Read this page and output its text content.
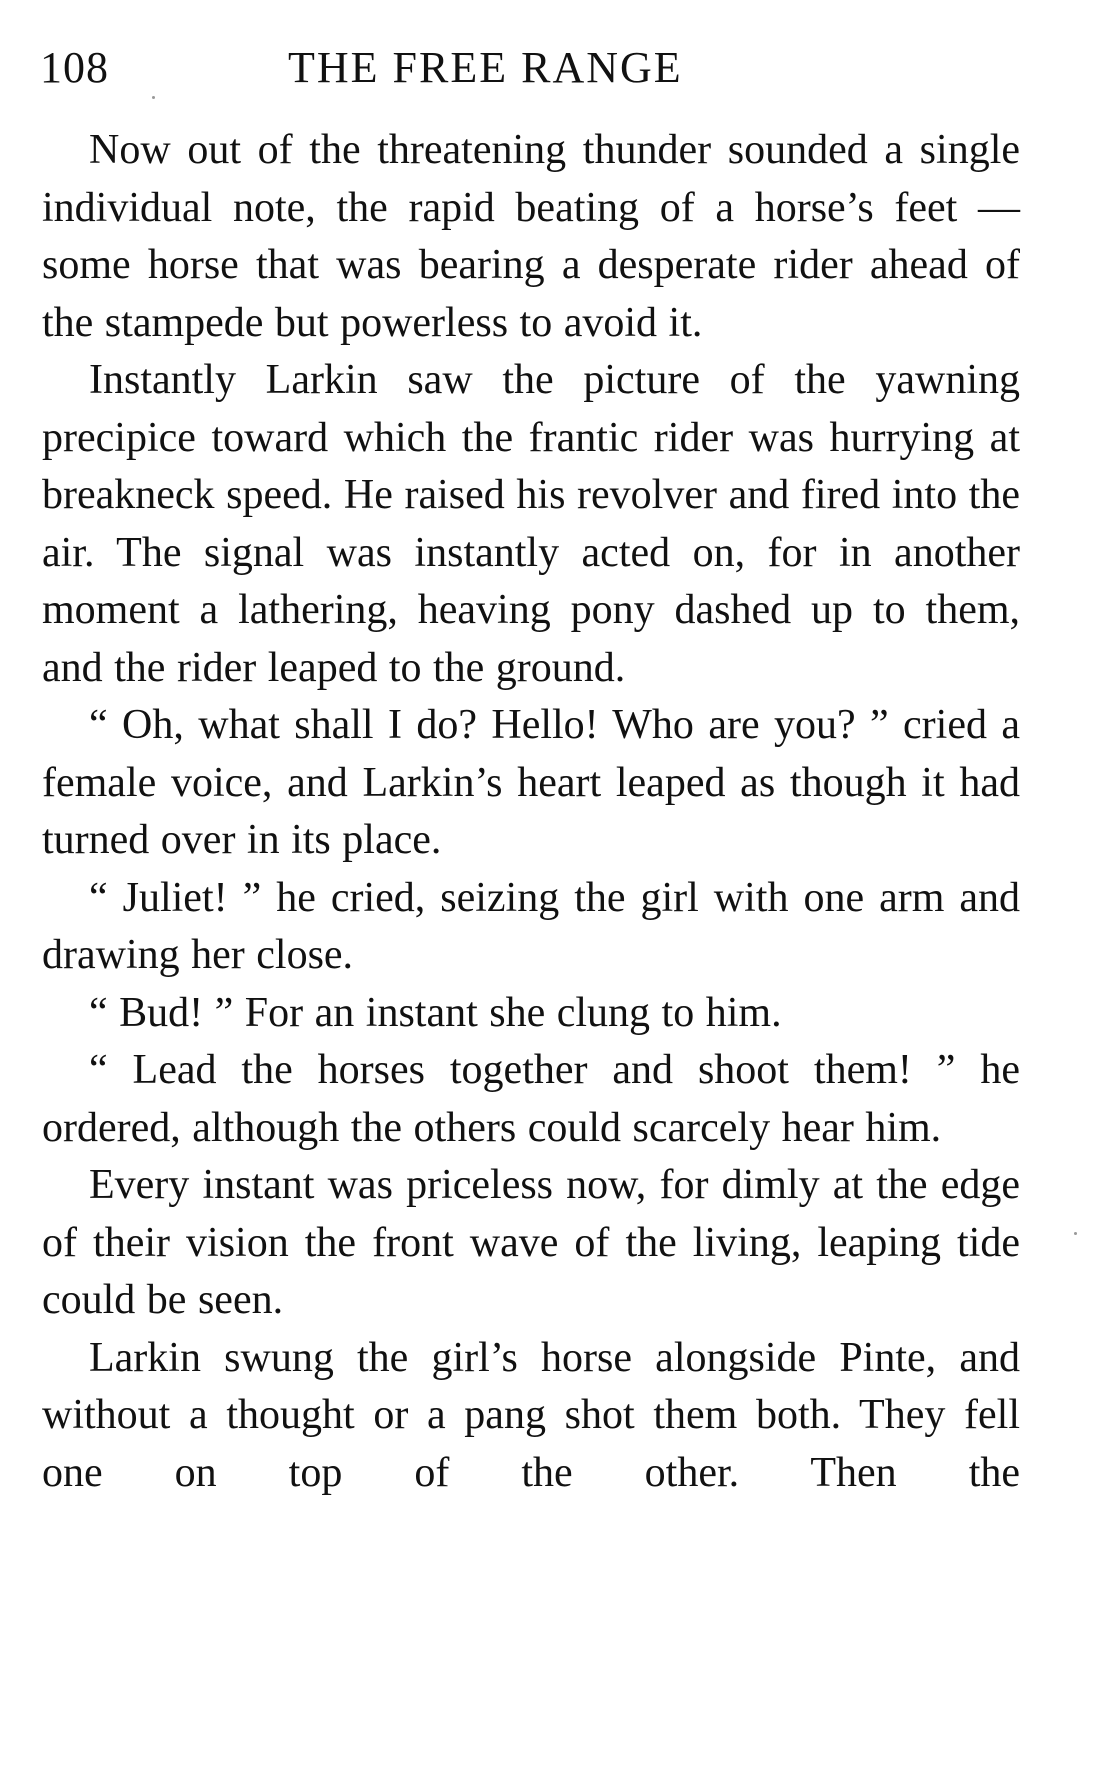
108	THE FREE RANGE

Now out of the threatening thunder sounded a single individual note, the rapid beating of a horse’s feet — some horse that was bearing a desperate rider ahead of the stampede but powerless to avoid it.

Instantly Larkin saw the picture of the yawning precipice toward which the frantic rider was hurrying at breakneck speed. He raised his revolver and fired into the air. The signal was instantly acted on, for in another moment a lathering, heaving pony dashed up to them, and the rider leaped to the ground.

“ Oh, what shall I do? Hello! Who are you? ” cried a female voice, and Larkin’s heart leaped as though it had turned over in its place.

“ Juliet! ” he cried, seizing the girl with one arm and drawing her close.

“ Bud! ” For an instant she clung to him.

“ Lead the horses together and shoot them! ” he ordered, although the others could scarcely hear him.

Every instant was priceless now, for dimly at the edge of their vision the front wave of the living, leaping tide could be seen.

Larkin swung the girl’s horse alongside Pinte, and without a thought or a pang shot them both. They fell one on top of the other. Then the
